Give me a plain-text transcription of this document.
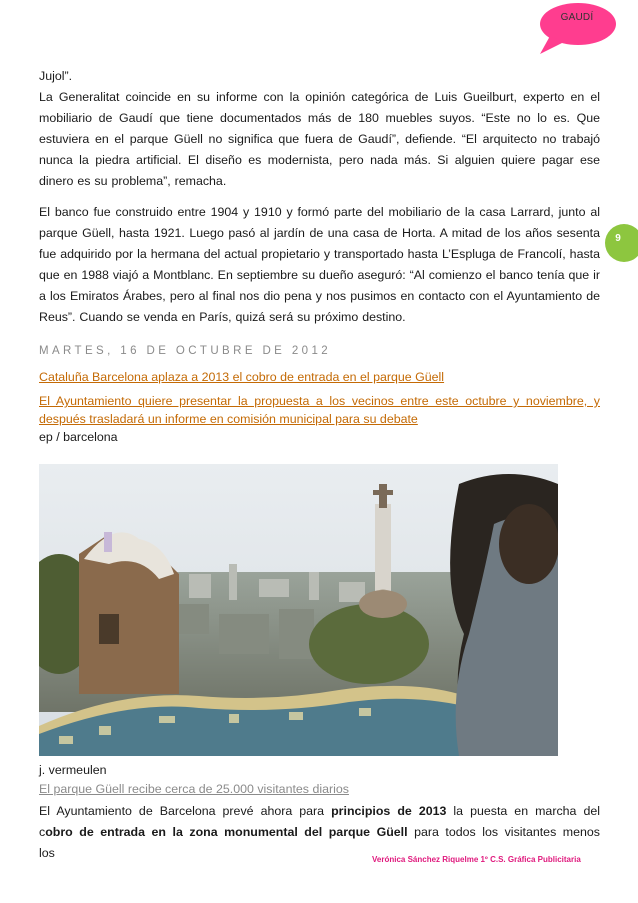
GAUDÍ
9

Jujol”.

La Generalitat coincide en su informe con la opinión categórica de Luis Gueilburt, experto en el mobiliario de Gaudí que tiene documentados más de 180 muebles suyos. “Este no lo es. Que estuviera en el parque Güell no significa que fuera de Gaudí”, defiende. “El arquitecto no trabajó nunca la piedra artificial. El diseño es modernista, pero nada más. Si alguien quiere pagar ese dinero es su problema”, remacha.

El banco fue construido entre 1904 y 1910 y formó parte del mobiliario de la casa Larrard, junto al parque Güell, hasta 1921. Luego pasó al jardín de una casa de Horta. A mitad de los años sesenta fue adquirido por la hermana del actual propietario y transportado hasta L’Espluga de Francolí, hasta que en 1988 viajó a Montblanc. En septiembre su dueño aseguró: “Al comienzo el banco tenía que ir a los Emiratos Árabes, pero al final nos dio pena y nos pusimos en contacto con el Ayuntamiento de Reus”. Cuando se venda en París, quizá será su próximo destino.

MARTES, 16 DE OCTUBRE DE 2012

Cataluña Barcelona aplaza a 2013 el cobro de entrada en el parque Güell

El Ayuntamiento quiere presentar la propuesta a los vecinos entre este octubre y noviembre, y después trasladará un informe en comisión municipal para su debate

ep / barcelona

j. vermeulen

El parque Güell recibe cerca de 25.000 visitantes diarios

El Ayuntamiento de Barcelona prevé ahora para principios de 2013 la puesta en marcha del cobro de entrada en la zona monumental del parque Güell para todos los visitantes menos los	Verónica Sánchez Riquelme 1º C.S. Gráfica Publicitaria
